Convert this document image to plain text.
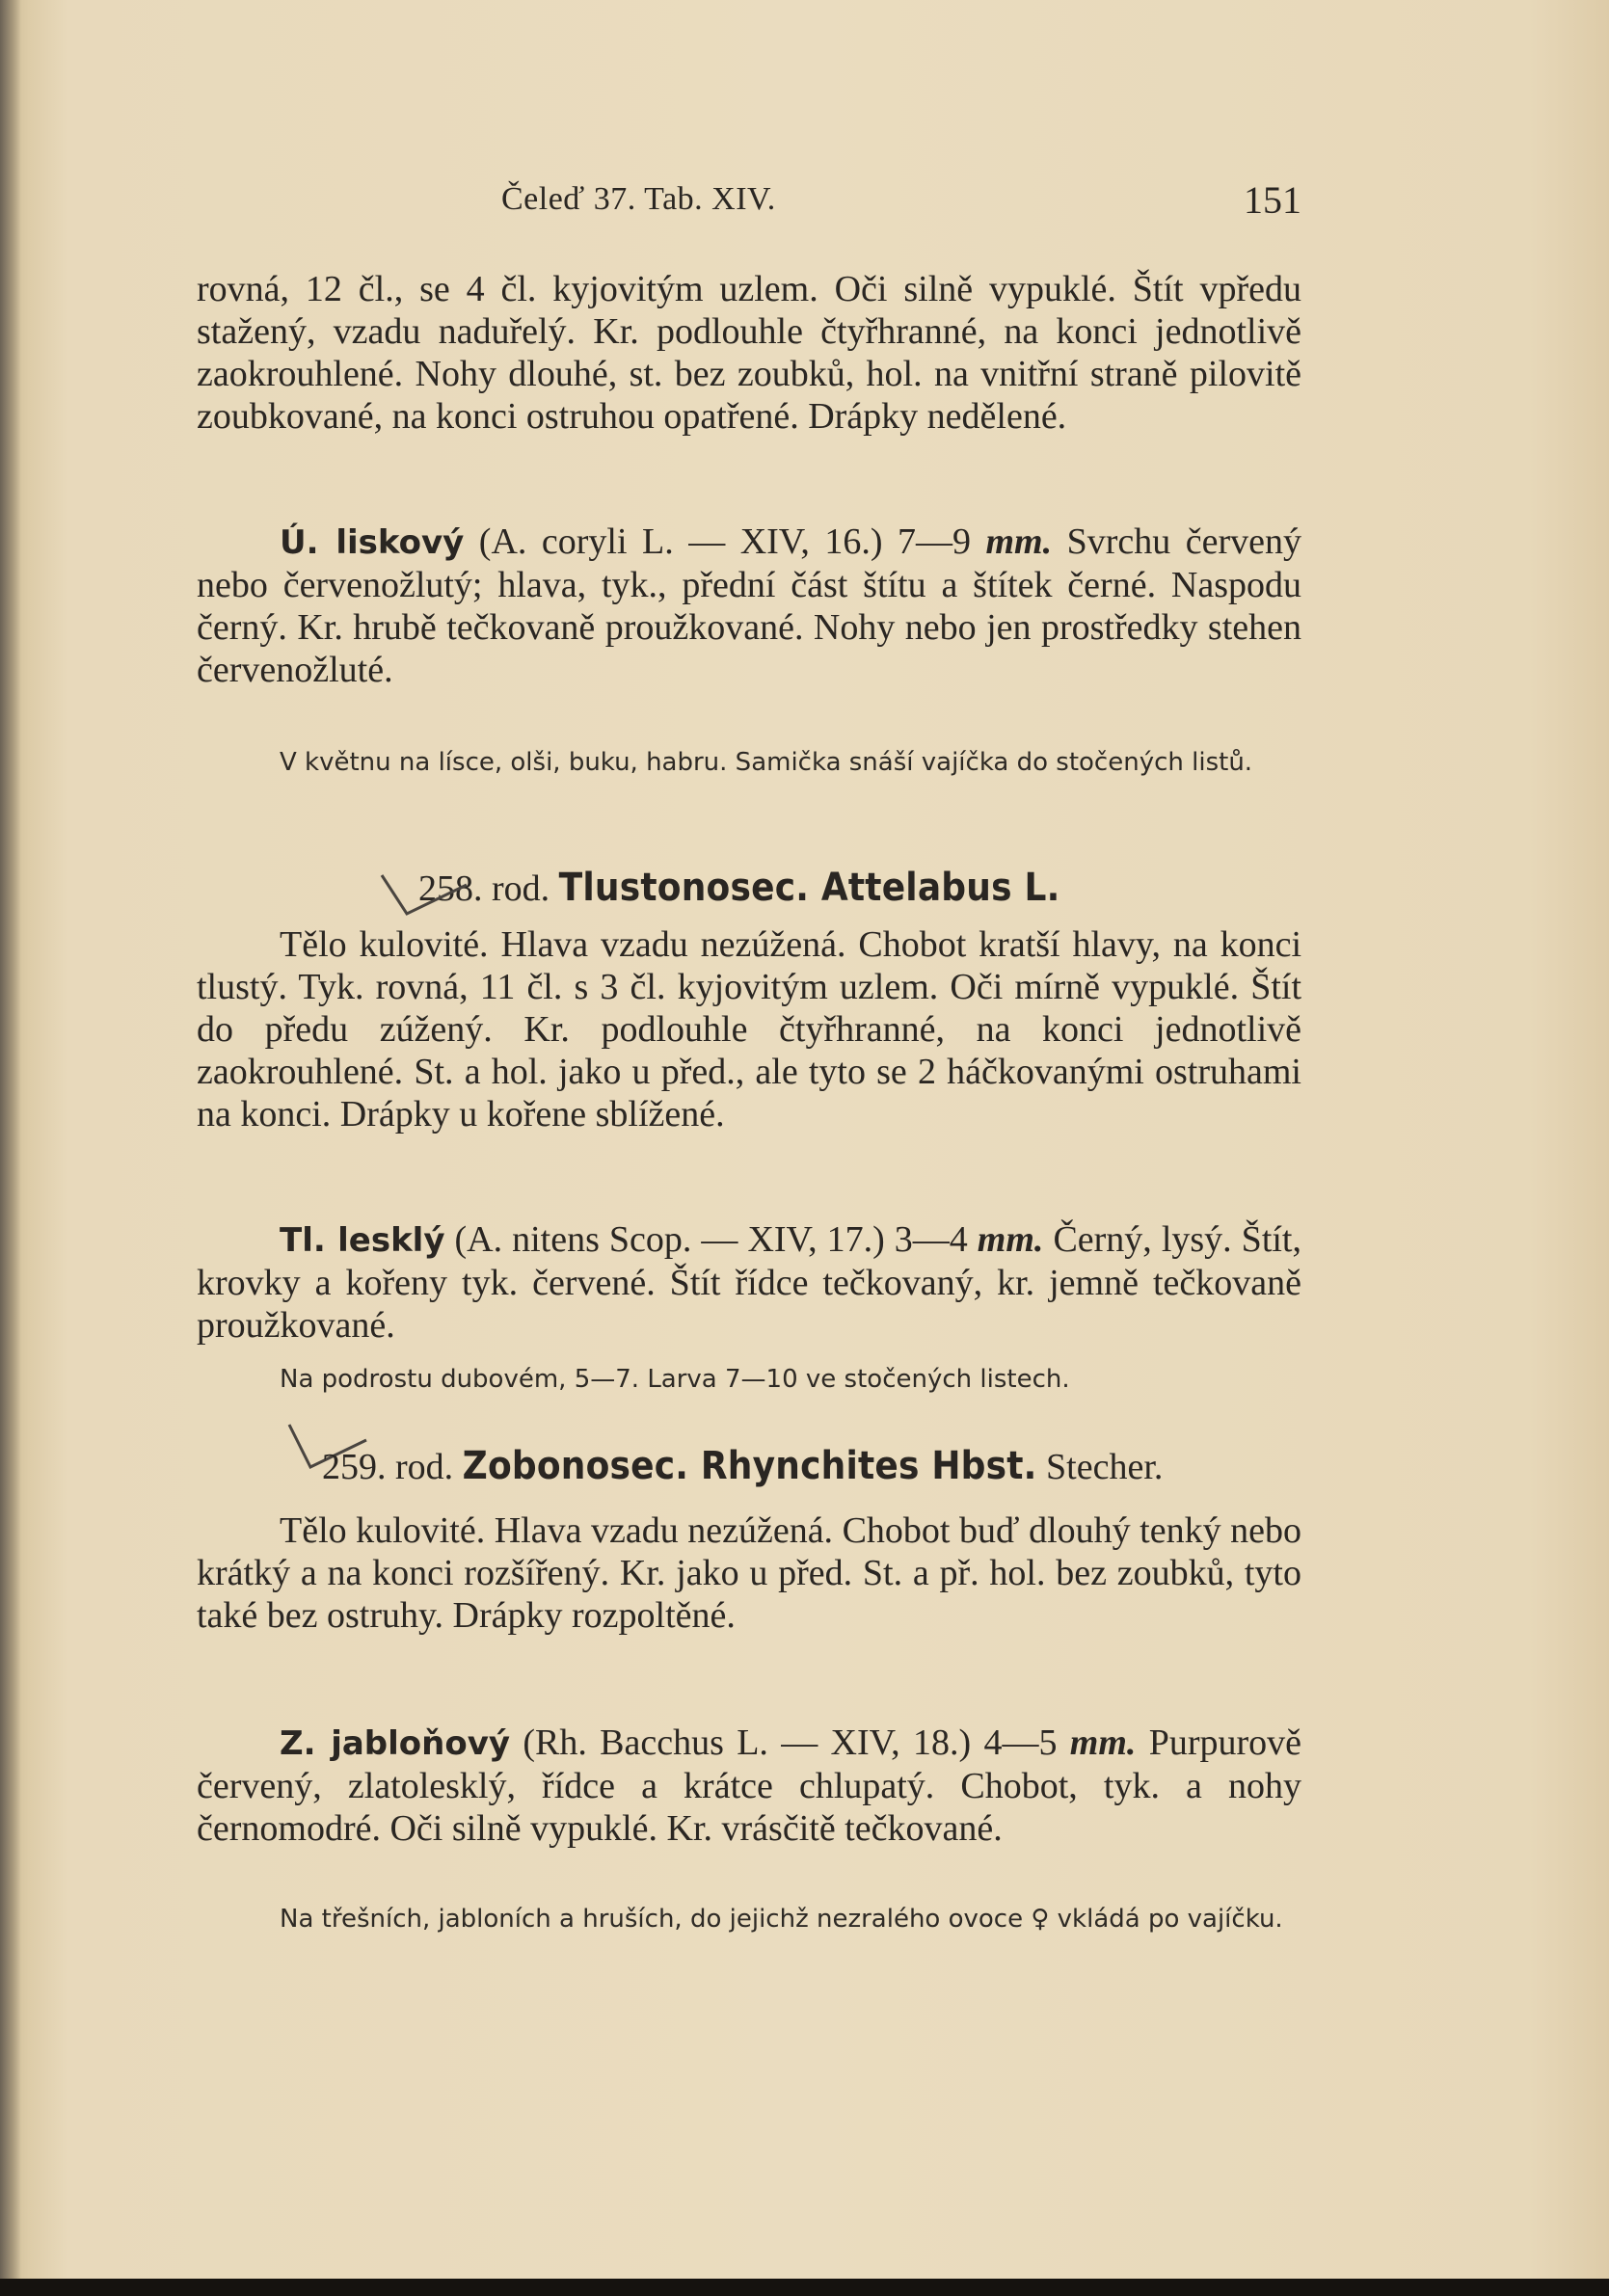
Čeleď 37. Tab. XIV.	151
rovná, 12 čl., se 4 čl. kyjovitým uzlem. Oči silně vypuklé. Štít vpředu stažený, vzadu naduřelý. Kr. podlouhle čtyřhranné, na konci jednotlivě zaokrouhlené. Nohy dlouhé, st. bez zoubků, hol. na vnitřní straně pilovitě zoubkované, na konci ostruhou opatřené. Drápky nedělené.
Ú. liskový (A. coryli L. — XIV, 16.) 7—9 mm. Svrchu červený nebo červenožlutý; hlava, tyk., přední část štítu a štítek černé. Naspodu černý. Kr. hrubě tečkovaně proužkované. Nohy nebo jen prostředky stehen červenožluté.
V květnu na lísce, olši, buku, habru. Samička snáší vajíčka do stočených listů.
258. rod. Tlustonosec. Attelabus L.
Tělo kulovité. Hlava vzadu nezúžená. Chobot kratší hlavy, na konci tlustý. Tyk. rovná, 11 čl. s 3 čl. kyjovitým uzlem. Oči mírně vypuklé. Štít do předu zúžený. Kr. podlouhle čtyřhranné, na konci jednotlivě zaokrouhlené. St. a hol. jako u před., ale tyto se 2 háčkovanými ostruhami na konci. Drápky u kořene sblížené.
Tl. lesklý (A. nitens Scop. — XIV, 17.) 3—4 mm. Černý, lysý. Štít, krovky a kořeny tyk. červené. Štít řídce tečkovaný, kr. jemně tečkovaně proužkované.
Na podrostu dubovém, 5—7. Larva 7—10 ve stočených listech.
259. rod. Zobonosec. Rhynchites Hbst. Stecher.
Tělo kulovité. Hlava vzadu nezúžená. Chobot buď dlouhý tenký nebo krátký a na konci rozšířený. Kr. jako u před. St. a př. hol. bez zoubků, tyto také bez ostruhy. Drápky rozpoltěné.
Z. jabloňový (Rh. Bacchus L. — XIV, 18.) 4—5 mm. Purpurově červený, zlatolesklý, řídce a krátce chlupatý. Chobot, tyk. a nohy černomodré. Oči silně vypuklé. Kr. vrásčitě tečkované.
Na třešních, jabloních a hruších, do jejichž nezralého ovoce ♀ vkládá po vajíčku.
